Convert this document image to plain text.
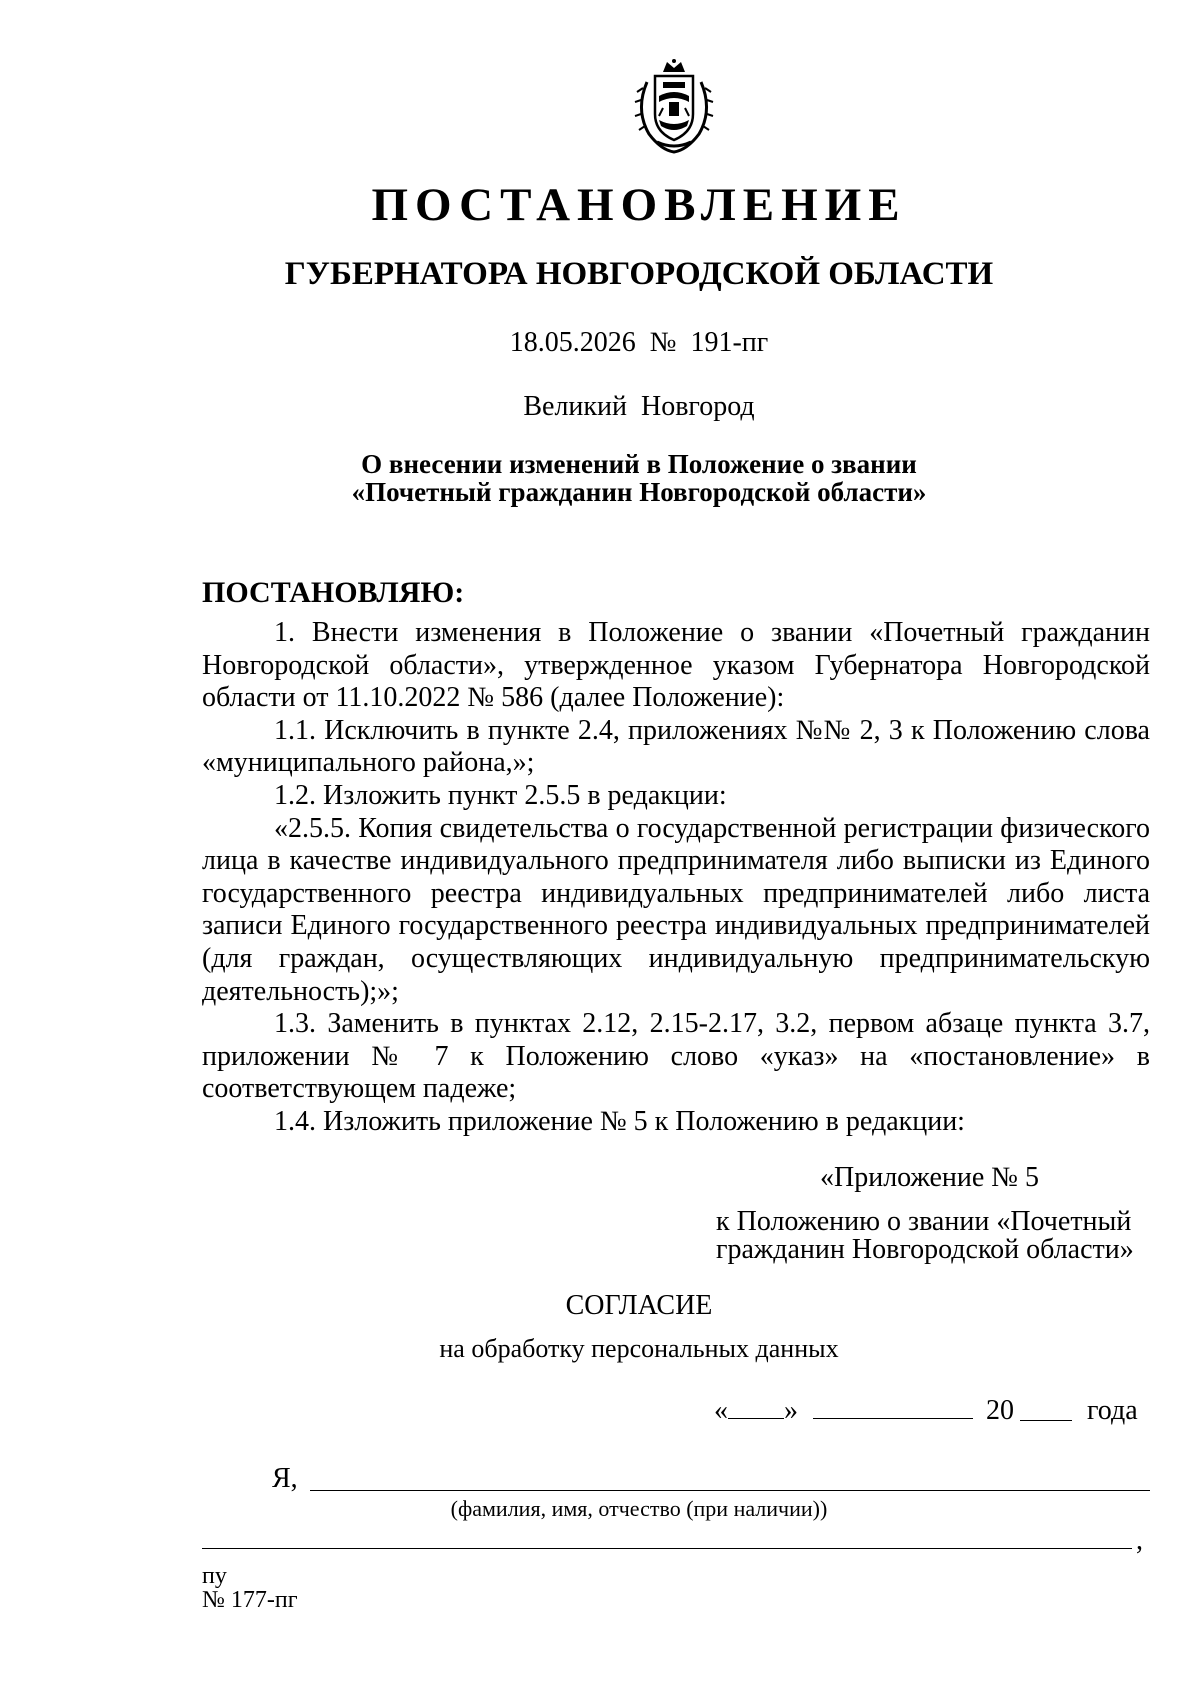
ПОСТАНОВЛЕНИЕ
ГУБЕРНАТОРА НОВГОРОДСКОЙ ОБЛАСТИ
18.05.2026  №  191-пг
Великий  Новгород
О внесении изменений в Положение о звании
«Почетный гражданин Новгородской области»
ПОСТАНОВЛЯЮ:

1. Внести изменения в Положение о звании «Почетный гражданин Новгородской области», утвержденное указом Губернатора Новгородской области от 11.10.2022 № 586 (далее Положение):

1.1. Исключить в пункте 2.4, приложениях №№ 2, 3 к Положению слова «муниципального района,»;

1.2. Изложить пункт 2.5.5 в редакции:

«2.5.5. Копия свидетельства о государственной регистрации физического лица в качестве индивидуального предпринимателя либо выписки из Единого государственного реестра индивидуальных предпринимателей либо листа записи Единого государственного реестра индивидуальных предпринимателей (для граждан, осуществляющих индивидуальную предпринимательскую деятельность);»;

1.3. Заменить в пунктах 2.12, 2.15-2.17, 3.2, первом абзаце пункта 3.7, приложении № 7 к Положению слово «указ» на «постановление» в соответствующем падеже;

1.4. Изложить приложение № 5 к Положению в редакции:

«Приложение № 5
к Положению о звании «Почетный
гражданин Новгородской области»
СОГЛАСИЕ
на обработку персональных данных
« »	20	года
Я,
(фамилия, имя, отчество (при наличии))
,
пу
№ 177-пг
